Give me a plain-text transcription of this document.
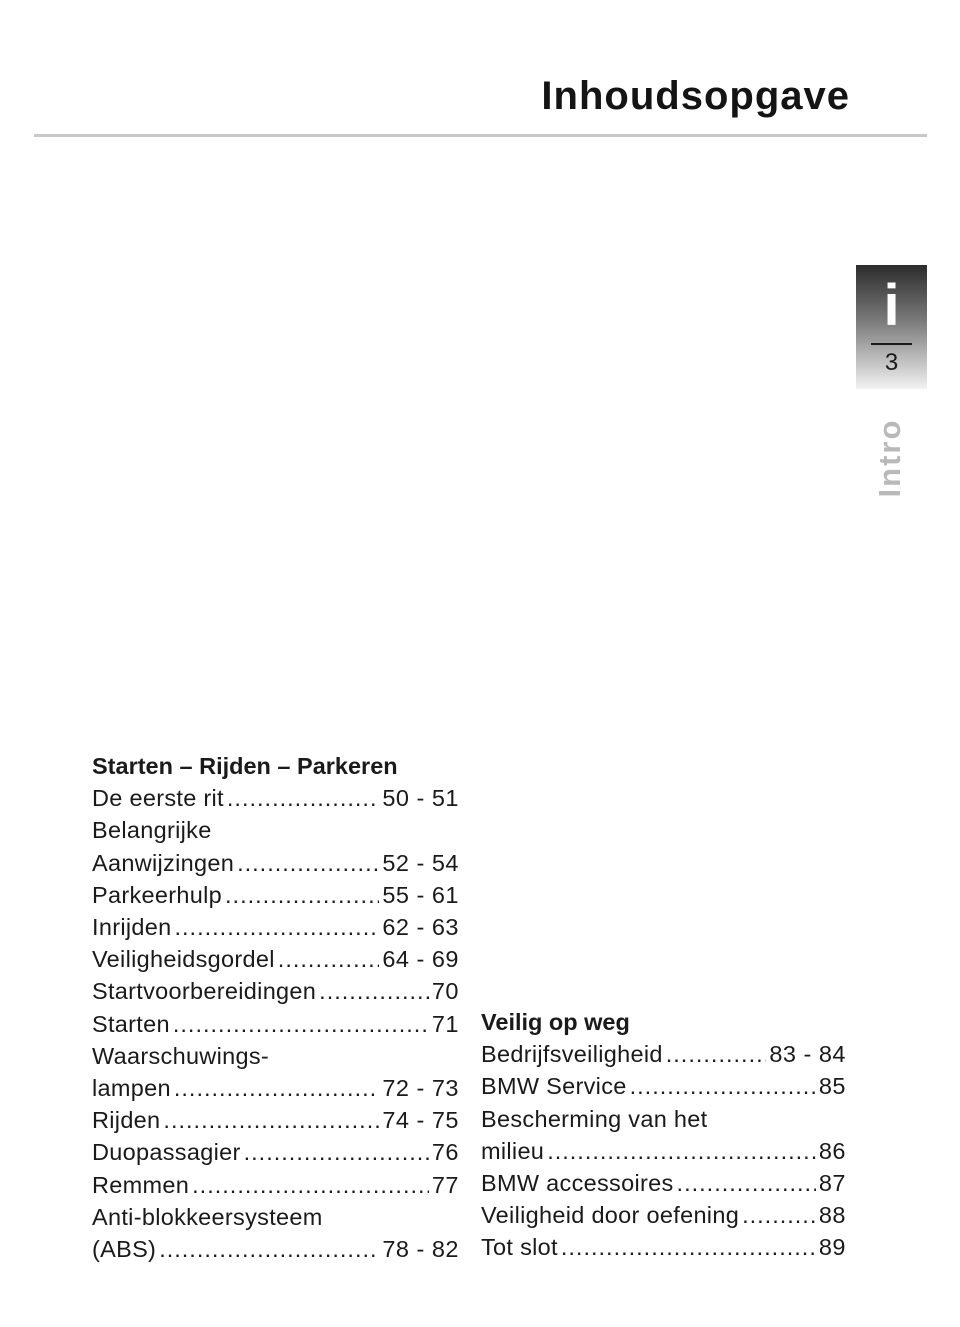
Inhoudsopgave
i
3
Intro
Starten – Rijden – Parkeren
De eerste rit .....	50 - 51
Belangrijke
Aanwijzingen .....	52 - 54
Parkeerhulp .....	55 - 61
Inrijden .....	62 - 63
Veiligheidsgordel .....	64 - 69
Startvoorbereidingen .....	70
Starten .....	71
Waarschuwings-
lampen .....	72 - 73
Rijden .....	74 - 75
Duopassagier .....	76
Remmen .....	77
Anti-blokkeersysteem
(ABS) .....	78 - 82
Veilig op weg
Bedrijfsveiligheid .....	83 - 84
BMW Service .....	85
Bescherming van het
milieu .....	86
BMW accessoires .....	87
Veiligheid door oefening .....	88
Tot slot .....	89
